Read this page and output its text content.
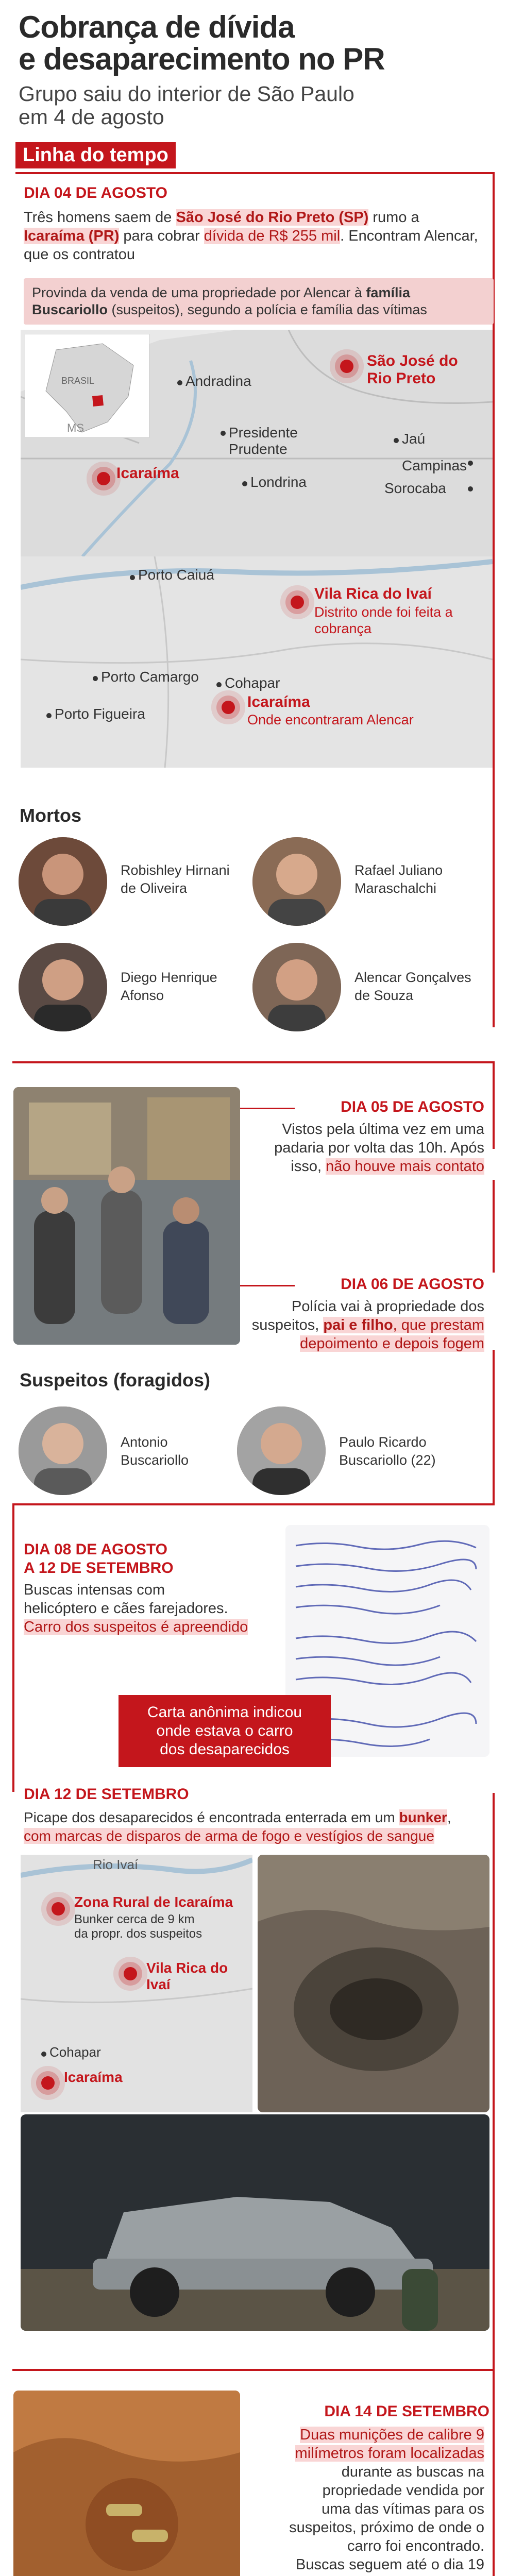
Cobrança de dívida
e desaparecimento no PR
Grupo saiu do interior de São Paulo
em 4 de agosto
Linha do tempo
DIA 04 DE AGOSTO
Três homens saem de São José do Rio Preto (SP) rumo a Icaraíma (PR) para cobrar dívida de R$ 255 mil. Encontram Alencar, que os contratou
Provinda da venda de uma propriedade por Alencar à família Buscariollo (suspeitos), segundo a polícia e família das vítimas
BRASIL
MS
Andradina
Presidente Prudente
Jaú
Londrina
Campinas
Sorocaba
São José do Rio Preto
Icaraíma
Porto Caiuá
Porto Camargo Cohapar
Porto Figueira
Vila Rica do Ivaí
Distrito onde foi feita a cobrança
Icaraíma
Onde encontraram Alencar
Mortos
Robishley Hirnani
de Oliveira
Rafael Juliano
Maraschalchi
Diego Henrique
Afonso
Alencar Gonçalves
de Souza
DIA 05 DE AGOSTO
Vistos pela última vez em uma
padaria por volta das 10h. Após
isso, não houve mais contato
DIA 06 DE AGOSTO
Polícia vai à propriedade dos
suspeitos, pai e filho, que prestam
depoimento e depois fogem
Suspeitos (foragidos)
Antonio
Buscariollo
Paulo Ricardo
Buscariollo (22)
DIA 08 DE AGOSTO
A 12 DE SETEMBRO
Buscas intensas com
helicóptero e cães farejadores.
Carro dos suspeitos é apreendido
Carta anônima indicou
onde estava o carro
dos desaparecidos
DIA 12 DE SETEMBRO
Picape dos desaparecidos é encontrada enterrada em um bunker,
com marcas de disparos de arma de fogo e vestígios de sangue
Rio Ivaí
Zona Rural de Icaraíma
Bunker cerca de 9 km
da propr. dos suspeitos
Vila Rica do Ivaí
Cohapar
Icaraíma
DIA 14 DE SETEMBRO
Duas munições de calibre 9
milímetros foram localizadas
durante as buscas na
propriedade vendida por
uma das vítimas para os
suspeitos, próximo de onde o
carro foi encontrado.
Buscas seguem até o dia 19
